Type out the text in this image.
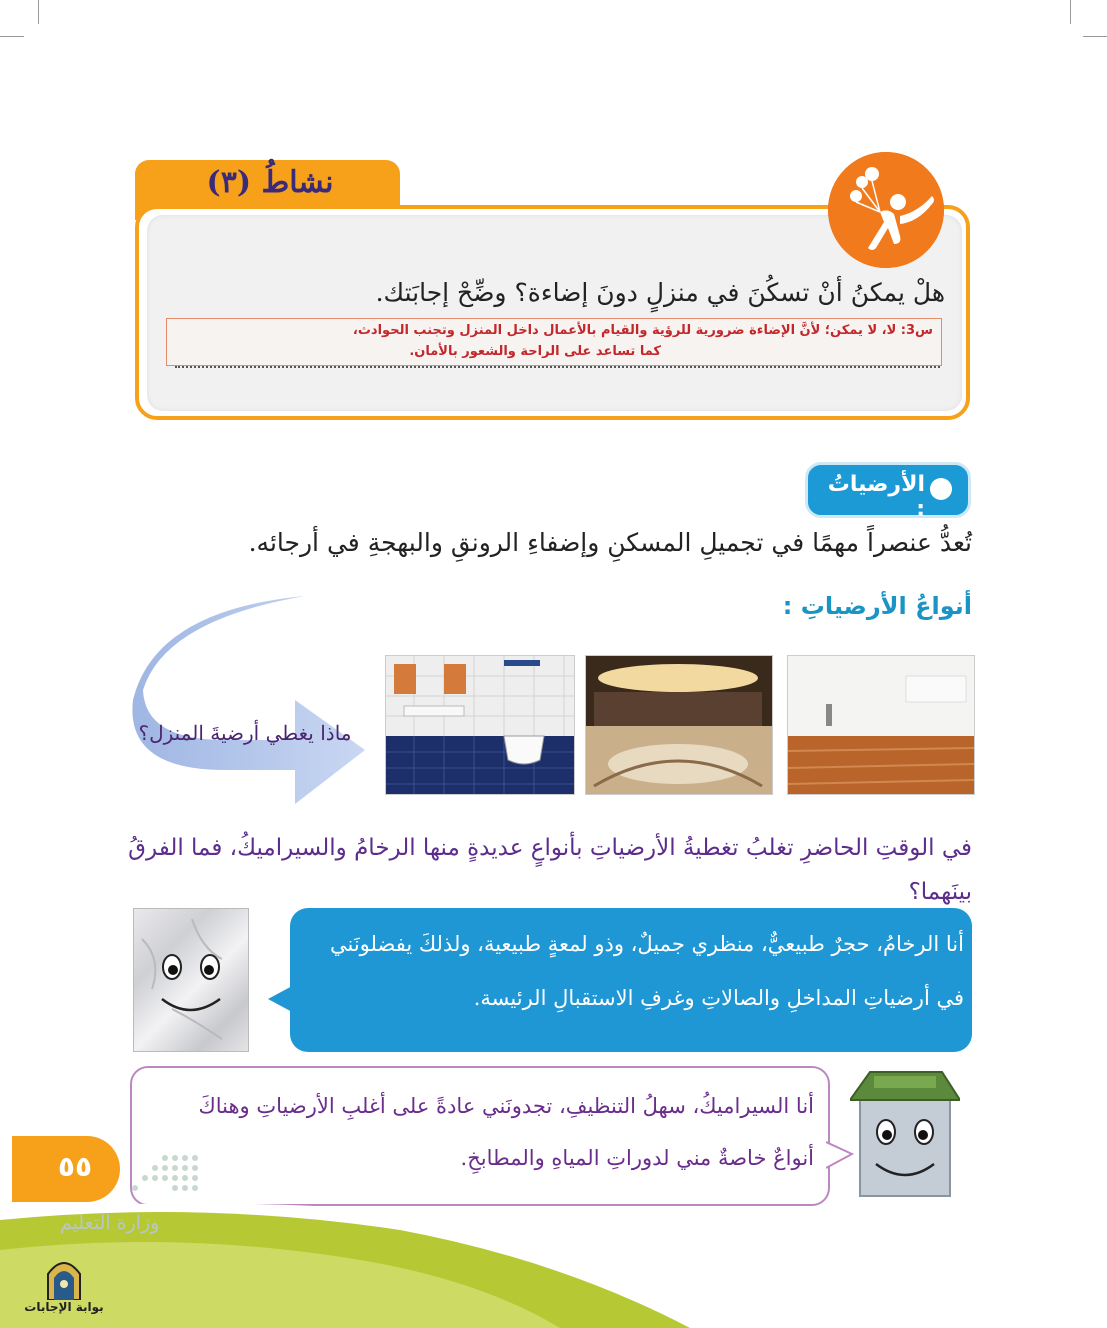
نشاطُ (٣)
هلْ يمكنُ أنْ تسكُنَ في منزلٍ دونَ إضاءة؟ وضِّحْ إجابَتك.
س3: لا، لا يمكن؛ لأنَّ الإضاءة ضرورية للرؤية والقيام بالأعمال داخل المنزل وتجنب الحوادث،
كما تساعد على الراحة والشعور بالأمان.
الأرضياتُ :
تُعدُّ عنصراً مهمًا في تجميلِ المسكنِ وإضفاءِ الرونقِ والبهجةِ في أرجائه.
أنواعُ الأرضياتِ :
ماذا يغطي أرضيةَ المنزل؟
في الوقتِ الحاضرِ تغلبُ تغطيةُ الأرضياتِ بأنواعٍ عديدةٍ منها الرخامُ والسيراميكُ، فما الفرقُ
بينَهما؟
أنا الرخامُ، حجرٌ طبيعيٌّ، منظري جميلٌ، وذو لمعةٍ طبيعية، ولذلكَ يفضلونَني
في أرضياتِ المداخلِ والصالاتِ وغرفِ الاستقبالِ الرئيسة.
أنا السيراميكُ، سهلُ التنظيفِ، تجدونَني عادةً على أغلبِ الأرضياتِ وهناكَ
أنواعٌ خاصةٌ مني لدوراتِ المياهِ والمطابخِ.
٥٥
وزارة التعليم
بوابة الإجابات
